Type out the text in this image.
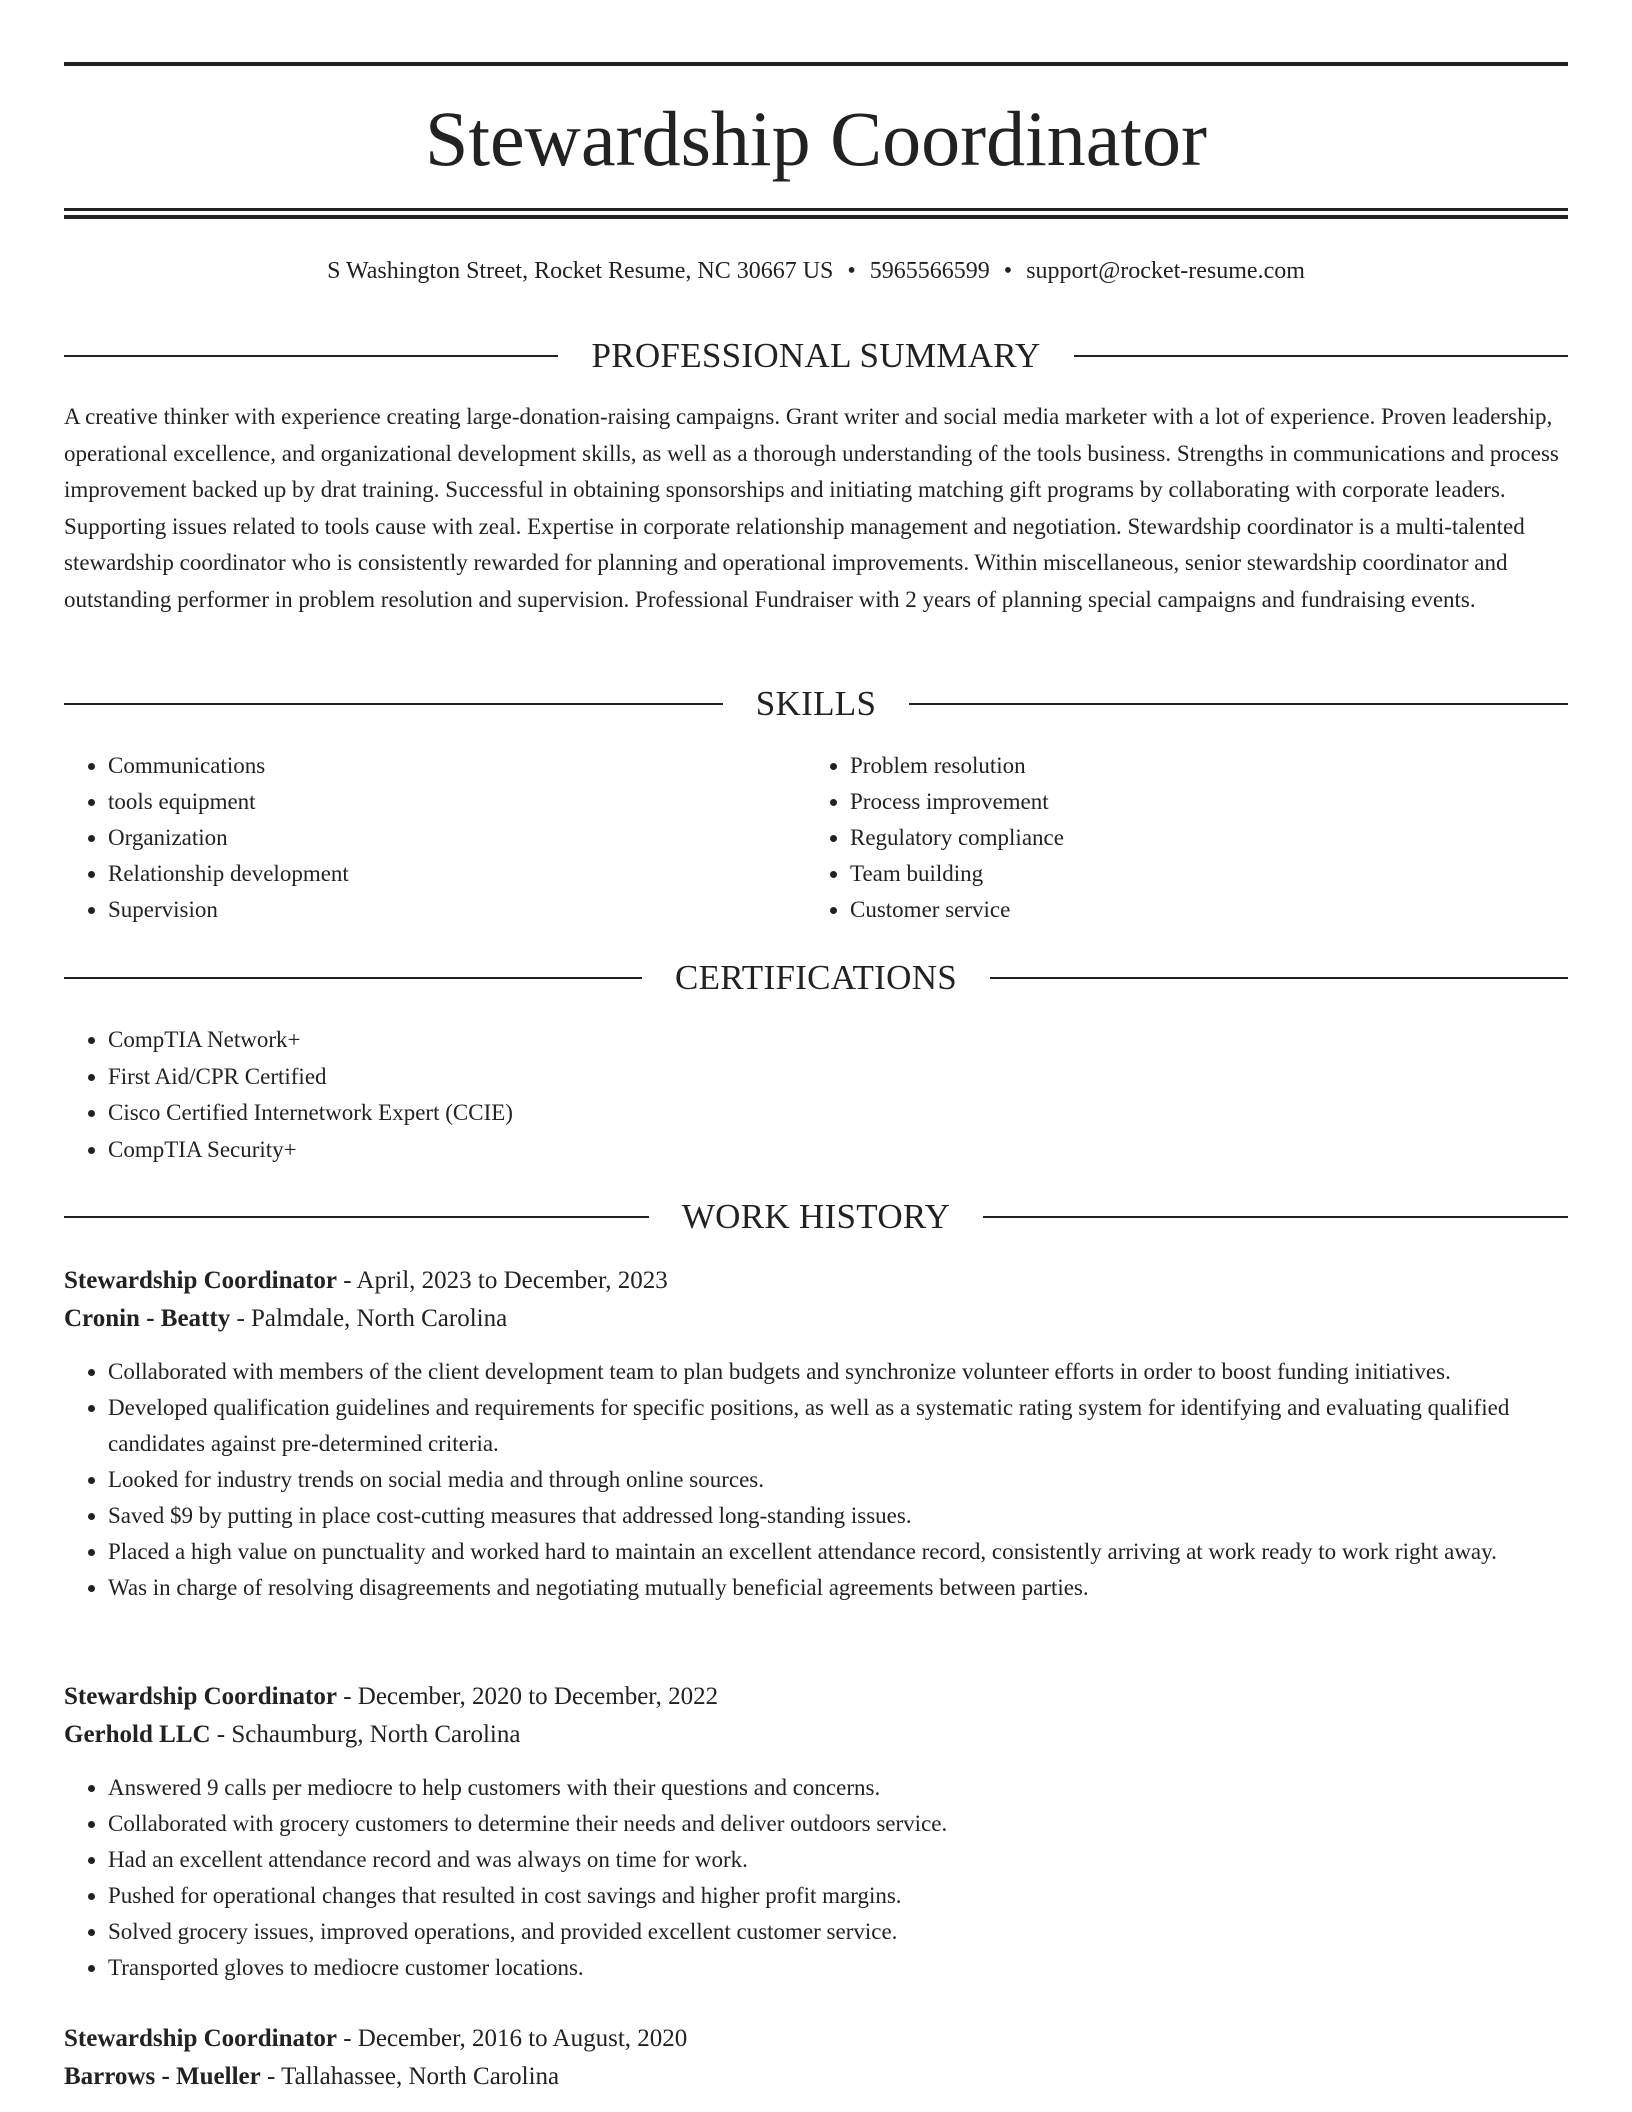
Stewardship Coordinator
S Washington Street, Rocket Resume, NC 30667 US • 5965566599 • support@rocket-resume.com
PROFESSIONAL SUMMARY

A creative thinker with experience creating large-donation-raising campaigns. Grant writer and social media marketer with a lot of experience. Proven leadership, operational excellence, and organizational development skills, as well as a thorough understanding of the tools business. Strengths in communications and process improvement backed up by drat training. Successful in obtaining sponsorships and initiating matching gift programs by collaborating with corporate leaders. Supporting issues related to tools cause with zeal. Expertise in corporate relationship management and negotiation. Stewardship coordinator is a multi-talented stewardship coordinator who is consistently rewarded for planning and operational improvements. Within miscellaneous, senior stewardship coordinator and outstanding performer in problem resolution and supervision. Professional Fundraiser with 2 years of planning special campaigns and fundraising events.

SKILLS
• Communications
• tools equipment
• Organization
• Relationship development
• Supervision
• Problem resolution
• Process improvement
• Regulatory compliance
• Team building
• Customer service
CERTIFICATIONS
• CompTIA Network+
• First Aid/CPR Certified
• Cisco Certified Internetwork Expert (CCIE)
• CompTIA Security+
WORK HISTORY

Stewardship Coordinator - April, 2023 to December, 2023

Cronin - Beatty - Palmdale, North Carolina

• Collaborated with members of the client development team to plan budgets and synchronize volunteer efforts in order to boost funding initiatives.
• Developed qualification guidelines and requirements for specific positions, as well as a systematic rating system for identifying and evaluating qualified candidates against pre-determined criteria.
• Looked for industry trends on social media and through online sources.
• Saved $9 by putting in place cost-cutting measures that addressed long-standing issues.
• Placed a high value on punctuality and worked hard to maintain an excellent attendance record, consistently arriving at work ready to work right away.
• Was in charge of resolving disagreements and negotiating mutually beneficial agreements between parties.

Stewardship Coordinator - December, 2020 to December, 2022

Gerhold LLC - Schaumburg, North Carolina

• Answered 9 calls per mediocre to help customers with their questions and concerns.
• Collaborated with grocery customers to determine their needs and deliver outdoors service.
• Had an excellent attendance record and was always on time for work.
• Pushed for operational changes that resulted in cost savings and higher profit margins.
• Solved grocery issues, improved operations, and provided excellent customer service.
• Transported gloves to mediocre customer locations.

Stewardship Coordinator - December, 2016 to August, 2020

Barrows - Mueller - Tallahassee, North Carolina
